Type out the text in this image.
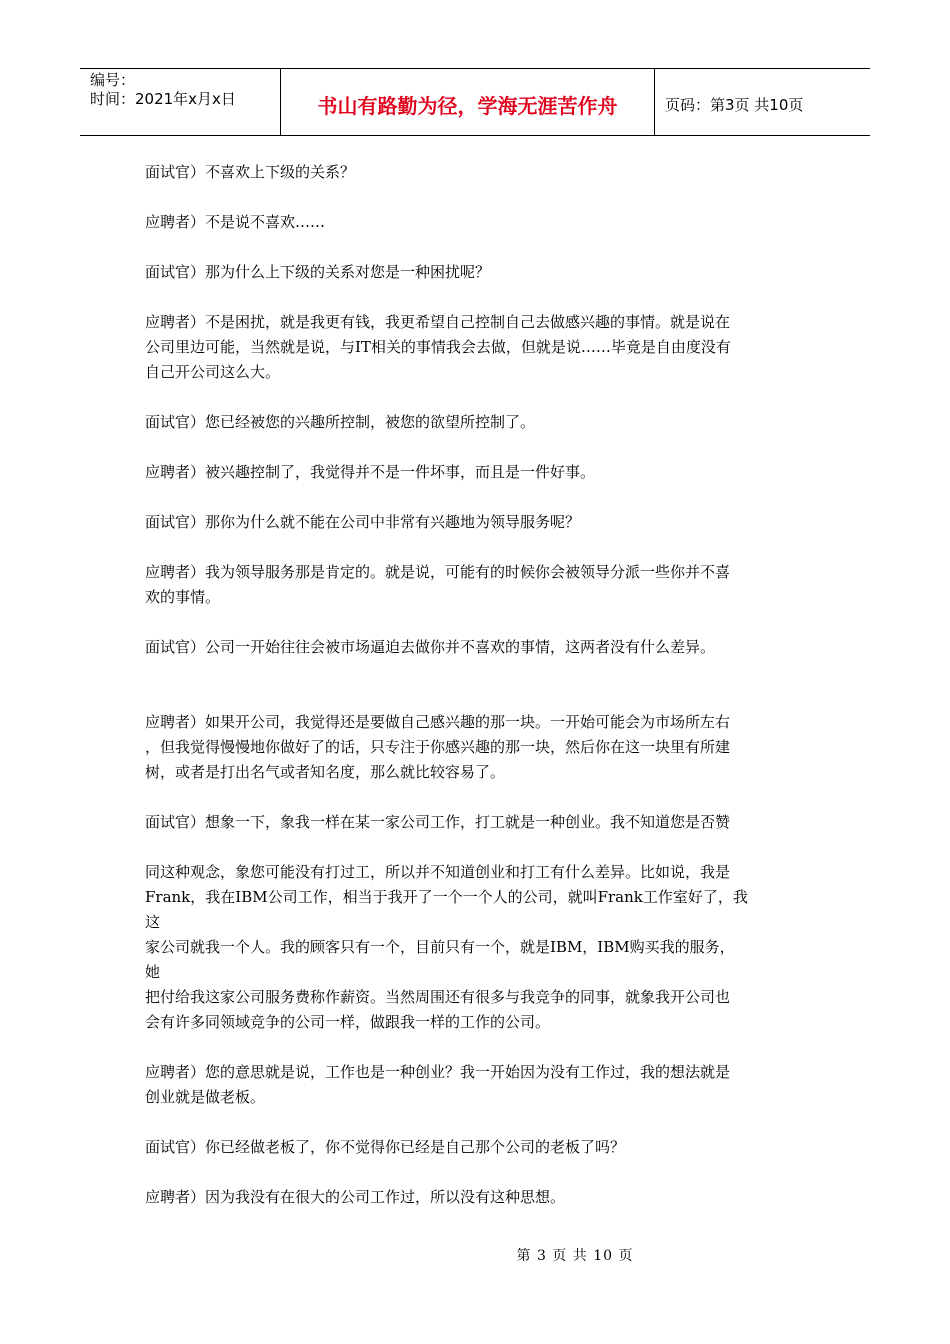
编号：
时间：2021年x月x日	书山有路勤为径，学海无涯苦作舟	页码：第3页 共10页
面试官）不喜欢上下级的关系？
应聘者）不是说不喜欢……
面试官）那为什么上下级的关系对您是一种困扰呢？
应聘者）不是困扰，就是我更有钱，我更希望自己控制自己去做感兴趣的事情。就是说在
公司里边可能，当然就是说，与IT相关的事情我会去做，但就是说……毕竟是自由度没有
自己开公司这么大。
面试官）您已经被您的兴趣所控制，被您的欲望所控制了。
应聘者）被兴趣控制了，我觉得并不是一件坏事，而且是一件好事。
面试官）那你为什么就不能在公司中非常有兴趣地为领导服务呢？
应聘者）我为领导服务那是肯定的。就是说，可能有的时候你会被领导分派一些你并不喜
欢的事情。
面试官）公司一开始往往会被市场逼迫去做你并不喜欢的事情，这两者没有什么差异。
应聘者）如果开公司，我觉得还是要做自己感兴趣的那一块。一开始可能会为市场所左右
，但我觉得慢慢地你做好了的话，只专注于你感兴趣的那一块，然后你在这一块里有所建
树，或者是打出名气或者知名度，那么就比较容易了。
面试官）想象一下，象我一样在某一家公司工作，打工就是一种创业。我不知道您是否赞
同这种观念，象您可能没有打过工，所以并不知道创业和打工有什么差异。比如说，我是
Frank，我在IBM公司工作，相当于我开了一个一个人的公司，就叫Frank工作室好了，我
这
家公司就我一个人。我的顾客只有一个，目前只有一个，就是IBM，IBM购买我的服务，
她
把付给我这家公司服务费称作薪资。当然周围还有很多与我竞争的同事，就象我开公司也
会有许多同领域竞争的公司一样，做跟我一样的工作的公司。
应聘者）您的意思就是说，工作也是一种创业？我一开始因为没有工作过，我的想法就是
创业就是做老板。
面试官）你已经做老板了，你不觉得你已经是自己那个公司的老板了吗？
应聘者）因为我没有在很大的公司工作过，所以没有这种思想。
第 3 页 共 10 页
